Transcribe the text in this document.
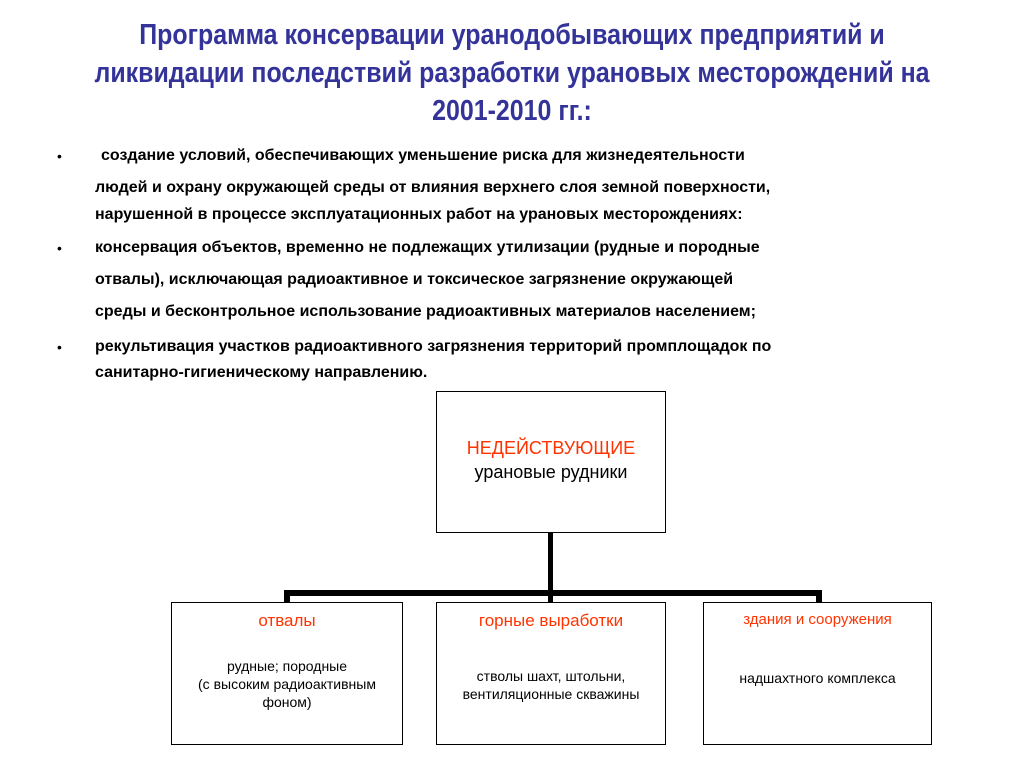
Программа консервации уранодобывающих предприятий и
ликвидации последствий разработки урановых месторождений на
2001-2010 гг.:
• создание условий, обеспечивающих уменьшение риска для жизнедеятельности
людей и охрану окружающей среды от влияния верхнего слоя земной поверхности,
нарушенной в процессе эксплуатационных работ на урановых месторождениях:
• консервация объектов, временно не подлежащих утилизации (рудные и породные
отвалы), исключающая радиоактивное и токсическое загрязнение окружающей
среды и бесконтрольное использование радиоактивных материалов населением;
• рекультивация участков радиоактивного загрязнения территорий промплощадок по
санитарно-гигиеническому направлению.
НЕДЕЙСТВУЮЩИЕ
урановые рудники
отвалы
рудные; породные
(с высоким радиоактивным
фоном)
горные выработки
стволы шахт, штольни,
вентиляционные скважины
здания и сооружения
надшахтного комплекса
